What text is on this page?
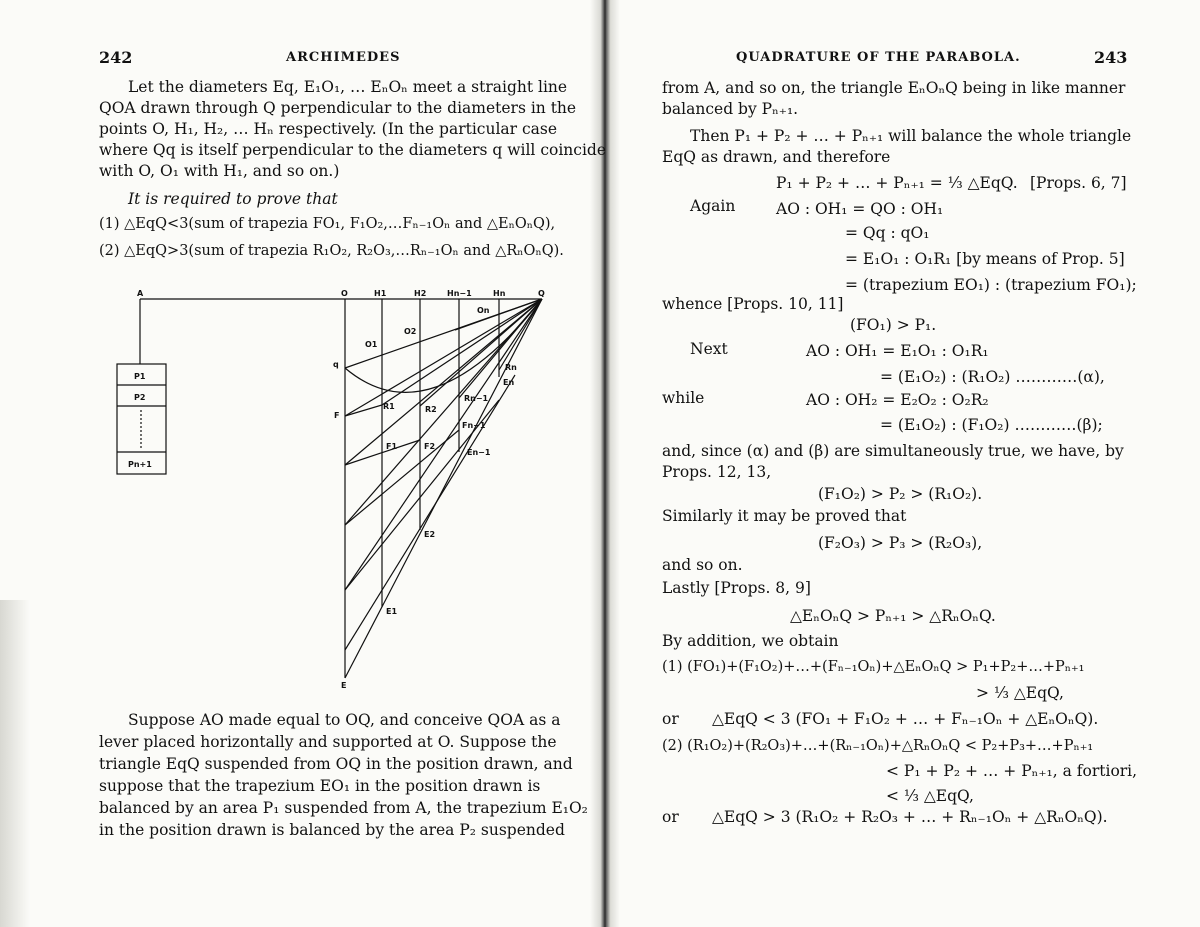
242	ARCHIMEDES
Let the diameters Eq, E₁O₁, … EₙOₙ meet a straight line
QOA drawn through Q perpendicular to the diameters in the
points O, H₁, H₂, … Hₙ respectively. (In the particular case
where Qq is itself perpendicular to the diameters q will coincide
with O, O₁ with H₁, and so on.)
It is required to prove that
(1) △EqQ<3(sum of trapezia FO₁, F₁O₂,…Fₙ₋₁Oₙ and △EₙOₙQ),
(2) △EqQ>3(sum of trapezia R₁O₂, R₂O₃,…Rₙ₋₁Oₙ and △RₙOₙQ).
A	O	H1	H2	Hn−1	Hn	Q
q
O1
O2
On
Rn
En
F
R1	R2
Rn−1
Fn−1
En−1
F1	F2
E2
E1
E
P1
P2
Pn+1
Suppose AO made equal to OQ, and conceive QOA as a
lever placed horizontally and supported at O. Suppose the
triangle EqQ suspended from OQ in the position drawn, and
suppose that the trapezium EO₁ in the position drawn is
balanced by an area P₁ suspended from A, the trapezium E₁O₂
in the position drawn is balanced by the area P₂ suspended
QUADRATURE OF THE PARABOLA.	243
from A, and so on, the triangle EₙOₙQ being in like manner
balanced by Pₙ₊₁.
Then P₁ + P₂ + … + Pₙ₊₁ will balance the whole triangle
EqQ as drawn, and therefore
P₁ + P₂ + … + Pₙ₊₁ = ⅓ △EqQ. [Props. 6, 7]
Again	AO : OH₁ = QO : OH₁
= Qq : qO₁
= E₁O₁ : O₁R₁ [by means of Prop. 5]
= (trapezium EO₁) : (trapezium FO₁);
whence [Props. 10, 11]
(FO₁) > P₁.
Next	AO : OH₁ = E₁O₁ : O₁R₁
= (E₁O₂) : (R₁O₂) …………(α),
while	AO : OH₂ = E₂O₂ : O₂R₂
= (E₁O₂) : (F₁O₂) …………(β);
and, since (α) and (β) are simultaneously true, we have, by
Props. 12, 13,
(F₁O₂) > P₂ > (R₁O₂).
Similarly it may be proved that
(F₂O₃) > P₃ > (R₂O₃),
and so on.
Lastly [Props. 8, 9]
△EₙOₙQ > Pₙ₊₁ > △RₙOₙQ.
By addition, we obtain
(1) (FO₁)+(F₁O₂)+…+(Fₙ₋₁Oₙ)+△EₙOₙQ > P₁+P₂+…+Pₙ₊₁
> ⅓ △EqQ,
or △EqQ < 3 (FO₁ + F₁O₂ + … + Fₙ₋₁Oₙ + △EₙOₙQ).
(2) (R₁O₂)+(R₂O₃)+…+(Rₙ₋₁Oₙ)+△RₙOₙQ < P₂+P₃+…+Pₙ₊₁
< P₁ + P₂ + … + Pₙ₊₁, a fortiori,
< ⅓ △EqQ,
or △EqQ > 3 (R₁O₂ + R₂O₃ + … + Rₙ₋₁Oₙ + △RₙOₙQ).
